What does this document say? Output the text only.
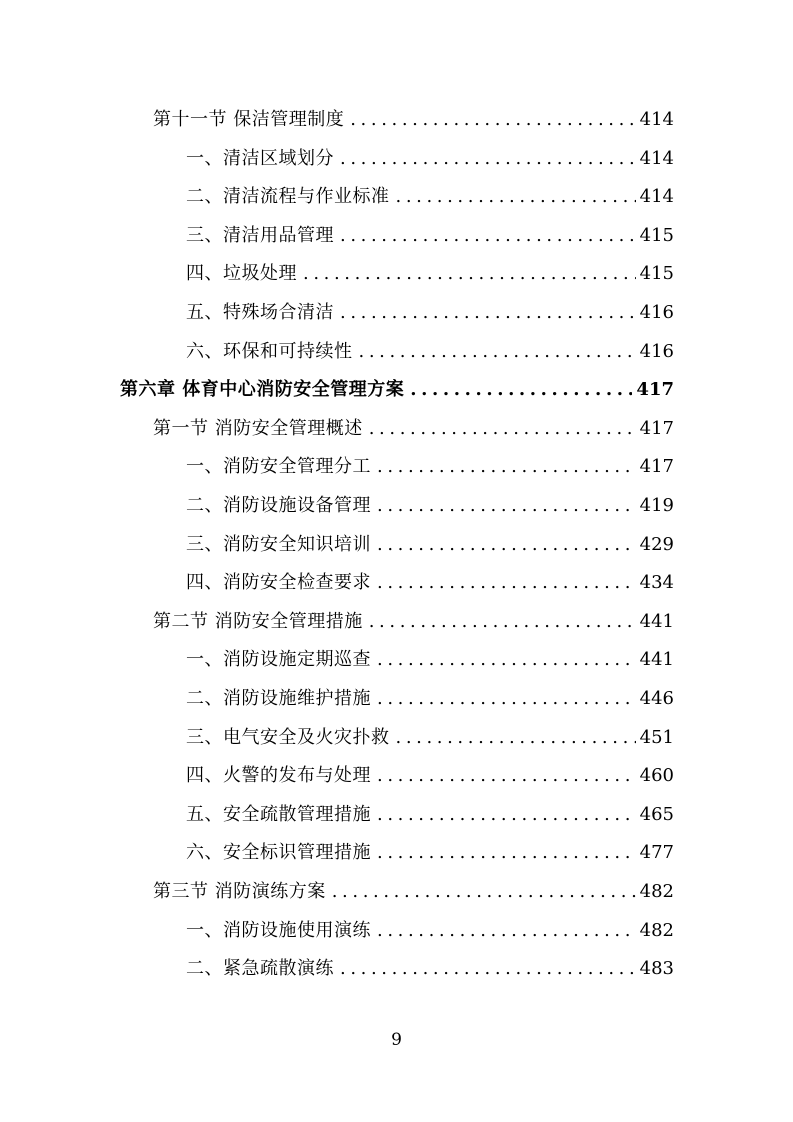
第十一节 保洁管理制度 .....	414
一、清洁区域划分 .....	414
二、清洁流程与作业标准 .....	414
三、清洁用品管理 .....	415
四、垃圾处理 .....	415
五、特殊场合清洁 .....	416
六、环保和可持续性 .....	416
第六章 体育中心消防安全管理方案 .....	417
第一节 消防安全管理概述 .....	417
一、消防安全管理分工 .....	417
二、消防设施设备管理 .....	419
三、消防安全知识培训 .....	429
四、消防安全检查要求 .....	434
第二节 消防安全管理措施 .....	441
一、消防设施定期巡查 .....	441
二、消防设施维护措施 .....	446
三、电气安全及火灾扑救 .....	451
四、火警的发布与处理 .....	460
五、安全疏散管理措施 .....	465
六、安全标识管理措施 .....	477
第三节 消防演练方案 .....	482
一、消防设施使用演练 .....	482
二、紧急疏散演练 .....	483
9
